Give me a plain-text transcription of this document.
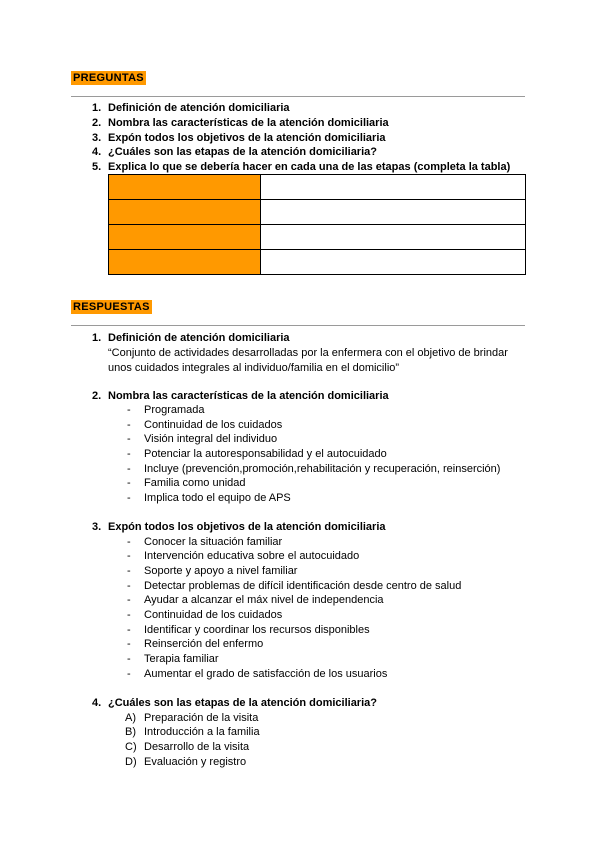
PREGUNTAS
1. Definición de atención domiciliaria
2. Nombra las características de la atención domiciliaria
3. Expón todos los objetivos de la atención domiciliaria
4. ¿Cuáles son las etapas de la atención domiciliaria?
5. Explica lo que se debería hacer en cada una de las etapas (completa la tabla)

RESPUESTAS
1. Definición de atención domiciliaria
“Conjunto de actividades desarrolladas por la enfermera con el objetivo de brindar
unos cuidados integrales al individuo/familia en el domicilio”
2. Nombra las características de la atención domiciliaria
- Programada
- Continuidad de los cuidados
- Visión integral del individuo
- Potenciar la autoresponsabilidad y el autocuidado
- Incluye (prevención,promoción,rehabilitación y recuperación, reinserción)
- Familia como unidad
- Implica todo el equipo de APS
3. Expón todos los objetivos de la atención domiciliaria
- Conocer la situación familiar
- Intervención educativa sobre el autocuidado
- Soporte y apoyo a nivel familiar
- Detectar problemas de difícil identificación desde centro de salud
- Ayudar a alcanzar el máx nivel de independencia
- Continuidad de los cuidados
- Identificar y coordinar los recursos disponibles
- Reinserción del enfermo
- Terapia familiar
- Aumentar el grado de satisfacción de los usuarios
4. ¿Cuáles son las etapas de la atención domiciliaria?
A) Preparación de la visita
B) Introducción a la familia
C) Desarrollo de la visita
D) Evaluación y registro
